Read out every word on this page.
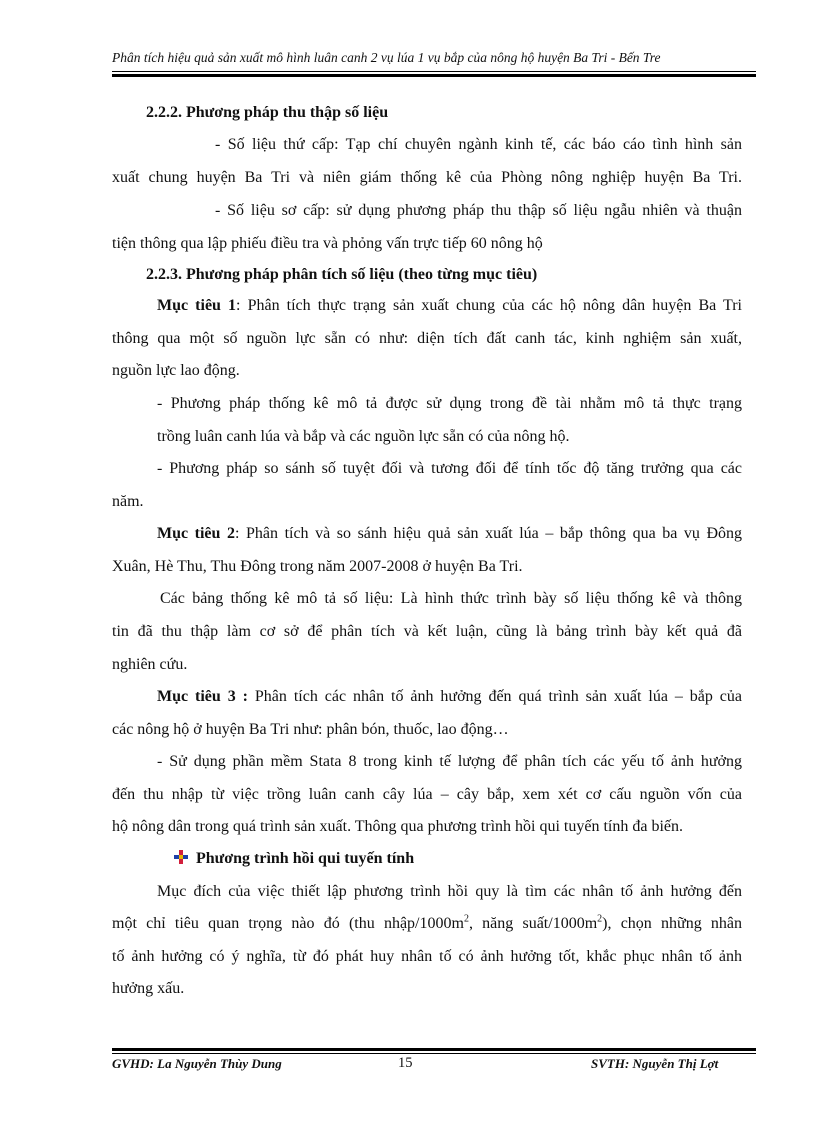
Phân tích hiệu quả sản xuất mô hình luân canh 2 vụ lúa 1 vụ bắp của nông hộ huyện Ba Tri - Bến Tre
2.2.2. Phương pháp thu thập số liệu
- Số liệu thứ cấp: Tạp chí chuyên ngành kinh tế, các báo cáo tình hình sản
xuất chung huyện Ba Tri và niên giám thống kê của Phòng nông nghiệp huyện Ba Tri.
- Số liệu sơ cấp: sử dụng phương pháp thu thập số liệu ngẫu nhiên và thuận
tiện thông qua lập phiếu điều tra và phỏng vấn trực tiếp 60 nông hộ
2.2.3. Phương pháp phân tích số liệu (theo từng mục tiêu)
Mục tiêu 1: Phân tích thực trạng sản xuất chung của các hộ nông dân huyện Ba Tri
thông qua một số nguồn lực sẵn có như: diện tích đất canh tác, kinh nghiệm sản xuất,
nguồn lực lao động.
- Phương pháp thống kê mô tả được sử dụng trong đề tài nhằm mô tả thực trạng
trồng luân canh lúa và bắp và các nguồn lực sẵn có của nông hộ.
- Phương pháp so sánh số tuyệt đối và tương đối để tính tốc độ tăng trưởng qua các
năm.
Mục tiêu 2: Phân tích và so sánh hiệu quả sản xuất lúa – bắp thông qua ba vụ Đông
Xuân, Hè Thu, Thu Đông trong năm 2007-2008 ở huyện Ba Tri.
Các bảng thống kê mô tả số liệu: Là hình thức trình bày số liệu thống kê và thông
tin đã thu thập làm cơ sở để phân tích và kết luận, cũng là bảng trình bày kết quả đã
nghiên cứu.
Mục tiêu 3 : Phân tích các nhân tố ảnh hưởng đến quá trình sản xuất lúa – bắp của
các nông hộ ở huyện Ba Tri như: phân bón, thuốc, lao động…
- Sử dụng phần mềm Stata 8 trong kinh tế lượng để phân tích các yếu tố ảnh hưởng
đến thu nhập từ việc trồng luân canh cây lúa – cây bắp, xem xét cơ cấu nguồn vốn của
hộ nông dân trong quá trình sản xuất. Thông qua phương trình hồi qui tuyến tính đa biến.
Phương trình hồi qui tuyến tính
Mục đích của việc thiết lập phương trình hồi quy là tìm các nhân tố ảnh hưởng đến
một chỉ tiêu quan trọng nào đó (thu nhập/$1000m^2$, năng suất/$1000m^2$), chọn những nhân
tố ảnh hưởng có ý nghĩa, từ đó phát huy nhân tố có ảnh hưởng tốt, khắc phục nhân tố ảnh
hưởng xấu.
GVHD: La Nguyễn Thùy Dung	15	SVTH: Nguyễn Thị Lợt
